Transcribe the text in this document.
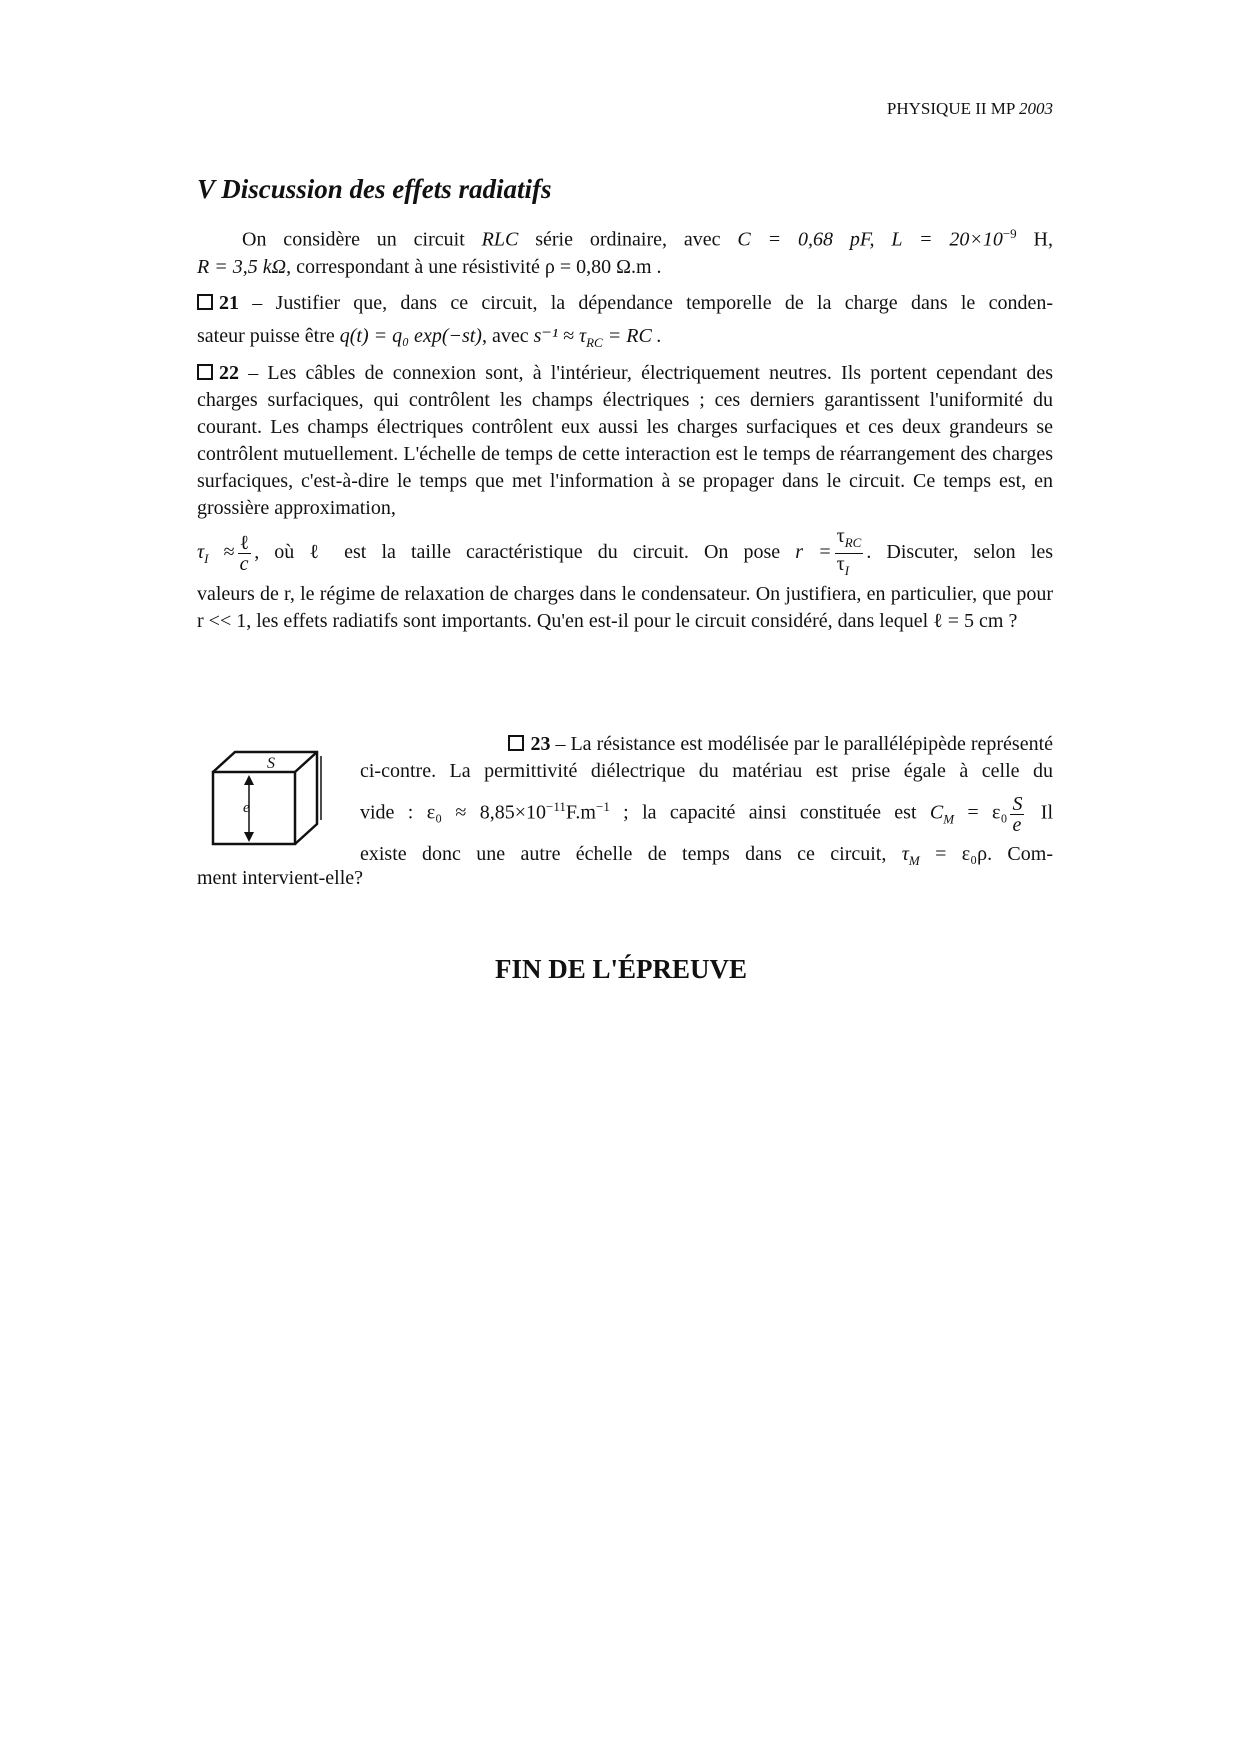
PHYSIQUE II MP 2003
V Discussion des effets radiatifs

On considère un circuit RLC série ordinaire, avec C = 0,68 pF, $L = 20\times 10^{-9}$ H,

R = 3,5 kΩ, correspondant à une résistivité ρ = 0,80 Ω.m .

21 – Justifier que, dans ce circuit, la dépendance temporelle de la charge dans le conden-

sateur puisse être q(t) = q₀ exp(−st), avec $s^{-1} \approx \tau_{RC}$ = RC .

22 – Les câbles de connexion sont, à l'intérieur, électriquement neutres. Ils portent cependant des charges surfaciques, qui contrôlent les champs électriques ; ces derniers garantissent l'uniformité du courant. Les champs électriques contrôlent eux aussi les charges surfaciques et ces deux grandeurs se contrôlent mutuellement. L'échelle de temps de cette interaction est le temps de réarrangement des charges surfaciques, c'est-à-dire le temps que met l'information à se propager dans le circuit. Ce temps est, en grossière approximation,

$\tau_I \approx \frac{\text{ℓ}}{c}$ , où ℓ est la taille caractéristique du circuit. On pose $r = \frac{\tau_{RC}}{\tau_I}$ . Discuter, selon les

valeurs de r, le régime de relaxation de charges dans le condensateur. On justifiera, en particulier, que pour r << 1, les effets radiatifs sont importants. Qu'en est-il pour le circuit considéré, dans lequel ℓ = 5 cm ?

S
e

23 – La résistance est modélisée par le parallélépipède représenté

ci-contre. La permittivité diélectrique du matériau est prise égale à celle du

vide : $\varepsilon_0 \approx 8,85\times 10^{-11}F.m^{-1}$ ; la capacité ainsi constituée est $C_M = \varepsilon_0 \frac{S}{e}$ Il

existe donc une autre échelle de temps dans ce circuit, $\tau_M = \varepsilon_0\rho$. Com-

ment intervient-elle?
FIN DE L'ÉPREUVE
